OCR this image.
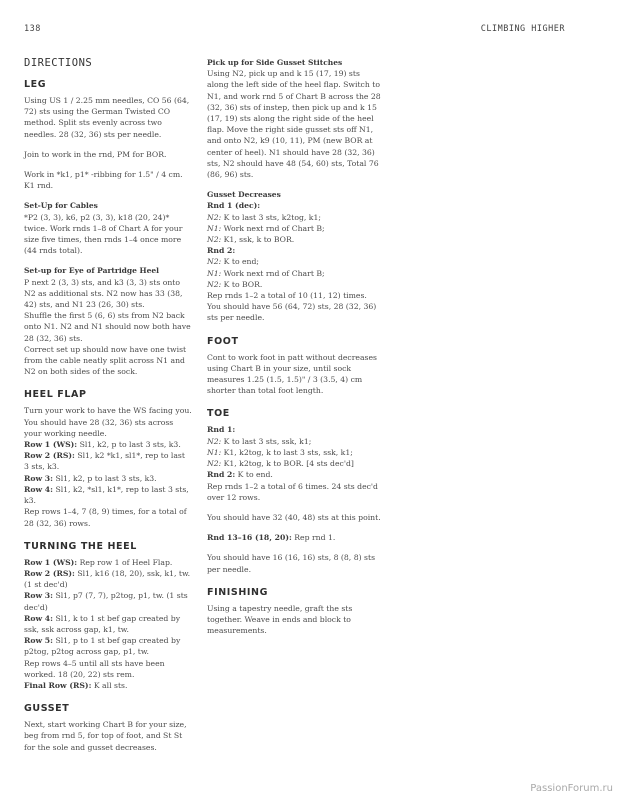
138	CLIMBING HIGHER
DIRECTIONS
LEG

Using US 1 / 2.25 mm needles, CO 56 (64, 72) sts using the German Twisted CO method. Split sts evenly across two needles. 28 (32, 36) sts per needle.

Join to work in the rnd, PM for BOR.

Work in *k1, p1* -ribbing for 1.5" / 4 cm. K1 rnd.

Set-Up for Cables
*P2 (3, 3), k6, p2 (3, 3), k18 (20, 24)* twice. Work rnds 1–8 of Chart A for your size five times, then rnds 1–4 once more (44 rnds total).

Set-up for Eye of Partridge Heel
P next 2 (3, 3) sts, and k3 (3, 3) sts onto N2 as additional sts. N2 now has 33 (38, 42) sts, and N1 23 (26, 30) sts.
Shuffle the first 5 (6, 6) sts from N2 back onto N1. N2 and N1 should now both have 28 (32, 36) sts.
Correct set up should now have one twist from the cable neatly split across N1 and N2 on both sides of the sock.

HEEL FLAP

Turn your work to have the WS facing you. You should have 28 (32, 36) sts across your working needle.
Row 1 (WS): Sl1, k2, p to last 3 sts, k3.
Row 2 (RS): Sl1, k2 *k1, sl1*, rep to last 3 sts, k3.
Row 3: Sl1, k2, p to last 3 sts, k3.
Row 4: Sl1, k2, *sl1, k1*, rep to last 3 sts, k3.
Rep rows 1–4, 7 (8, 9) times, for a total of 28 (32, 36) rows.

TURNING THE HEEL

Row 1 (WS): Rep row 1 of Heel Flap.
Row 2 (RS): Sl1, k16 (18, 20), ssk, k1, tw. (1 st dec'd)
Row 3: Sl1, p7 (7, 7), p2tog, p1, tw. (1 sts dec'd)
Row 4: Sl1, k to 1 st bef gap created by ssk, ssk across gap, k1, tw.
Row 5: Sl1, p to 1 st bef gap created by p2tog, p2tog across gap, p1, tw.
Rep rows 4–5 until all sts have been worked. 18 (20, 22) sts rem.
Final Row (RS): K all sts.

GUSSET

Next, start working Chart B for your size, beg from rnd 5, for top of foot, and St St for the sole and gusset decreases.

Pick up for Side Gusset Stitches
Using N2, pick up and k 15 (17, 19) sts along the left side of the heel flap. Switch to N1, and work rnd 5 of Chart B across the 28 (32, 36) sts of instep, then pick up and k 15 (17, 19) sts along the right side of the heel flap. Move the right side gusset sts off N1, and onto N2, k9 (10, 11), PM (new BOR at center of heel). N1 should have 28 (32, 36) sts, N2 should have 48 (54, 60) sts, Total 76 (86, 96) sts.

Gusset Decreases
Rnd 1 (dec):
N2: K to last 3 sts, k2tog, k1;
N1: Work next rnd of Chart B;
N2: K1, ssk, k to BOR.
Rnd 2:
N2: K to end;
N1: Work next rnd of Chart B;
N2: K to BOR.
Rep rnds 1–2 a total of 10 (11, 12) times. You should have 56 (64, 72) sts, 28 (32, 36) sts per needle.

FOOT

Cont to work foot in patt without decreases using Chart B in your size, until sock measures 1.25 (1.5, 1.5)" / 3 (3.5, 4) cm shorter than total foot length.

TOE

Rnd 1:
N2: K to last 3 sts, ssk, k1;
N1: K1, k2tog, k to last 3 sts, ssk, k1;
N2: K1, k2tog, k to BOR. [4 sts dec'd]
Rnd 2: K to end.
Rep rnds 1–2 a total of 6 times. 24 sts dec'd over 12 rows.

You should have 32 (40, 48) sts at this point.

Rnd 13–16 (18, 20): Rep rnd 1.

You should have 16 (16, 16) sts, 8 (8, 8) sts per needle.

FINISHING

Using a tapestry needle, graft the sts together. Weave in ends and block to measurements.

PassionForum.ru
